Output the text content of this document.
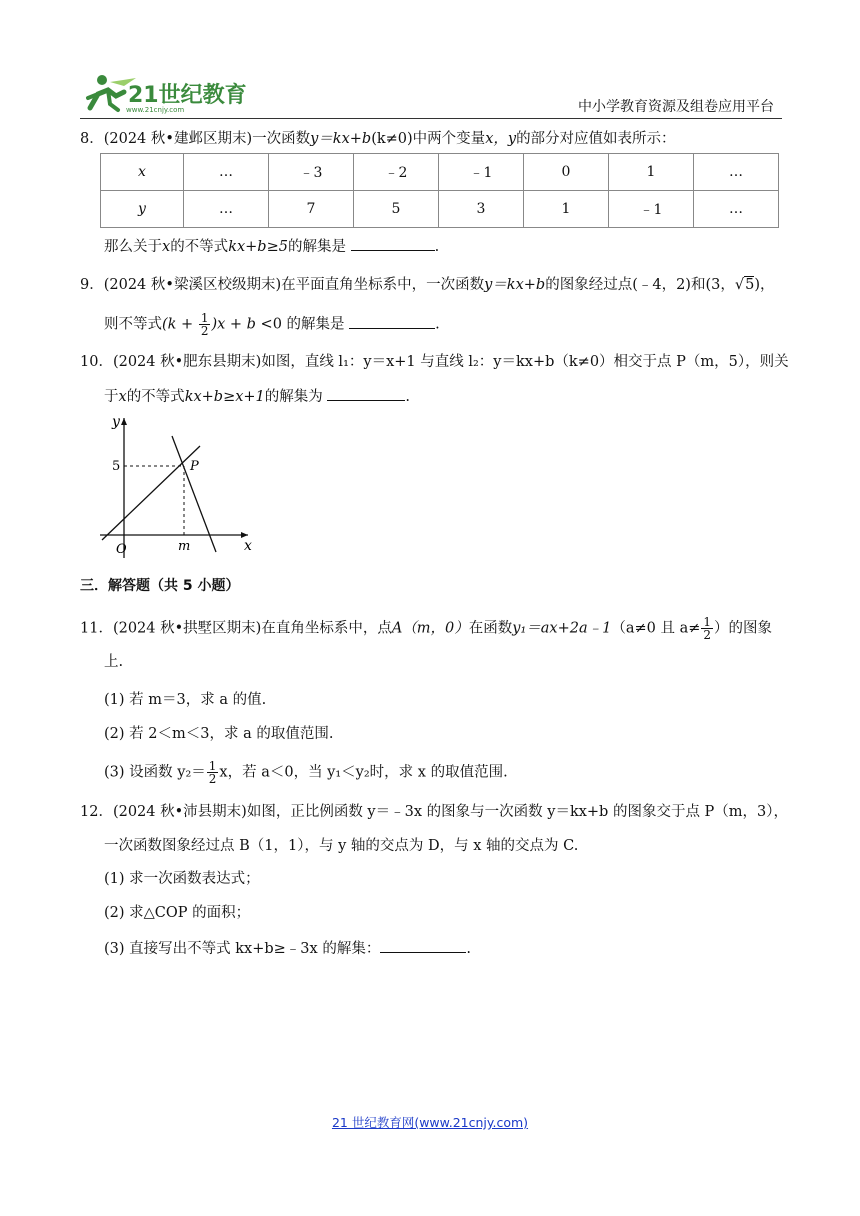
21世纪教育
www.21cnjy.com	中小学教育资源及组卷应用平台
8．(2024 秋•建邺区期末)一次函数y＝kx+b(k≠0)中两个变量x，y的部分对应值如表所示：
x	…	﹣3	﹣2	﹣1	0	1	…
y	…	7	5	3	1	﹣1	…
那么关于x的不等式kx+b≥5的解集是	.
9．(2024 秋•梁溪区校级期末)在平面直角坐标系中，一次函数y＝kx+b的图象经过点(﹣4，2)和(3，√5)，
则不等式$(k + \frac{1}{2} )x + b <0$ 的解集是	.
10．(2024 秋•肥东县期末)如图，直线 l₁：y＝x+1 与直线 l₂：y＝kx+b（k≠0）相交于点 P（m，5），则关
于x的不等式kx+b≥x+1的解集为	.
y
x
O
5
m
P
三．解答题（共 5 小题）
11．(2024 秋•拱墅区期末)在直角坐标系中，点A（m，0）在函数y₁＝ax+2a﹣1（a≠0 且 $a\ne \frac{1}{2}$ ）的图象
上.
(1) 若 m＝3，求 a 的值.
(2) 若 2＜m＜3，求 a 的取值范围.
(3) 设函数 $y_2= \frac{1}{2}$ x，若 a＜0，当 y₁＜y₂时，求 x 的取值范围.
12．(2024 秋•沛县期末)如图，正比例函数 y＝﹣3x 的图象与一次函数 y＝kx+b 的图象交于点 P（m，3），
一次函数图象经过点 B（1，1），与 y 轴的交点为 D，与 x 轴的交点为 C.
(1) 求一次函数表达式；
(2) 求△COP 的面积；
(3) 直接写出不等式 kx+b≥﹣3x 的解集：	.
21 世纪教育网(www.21cnjy.com)
